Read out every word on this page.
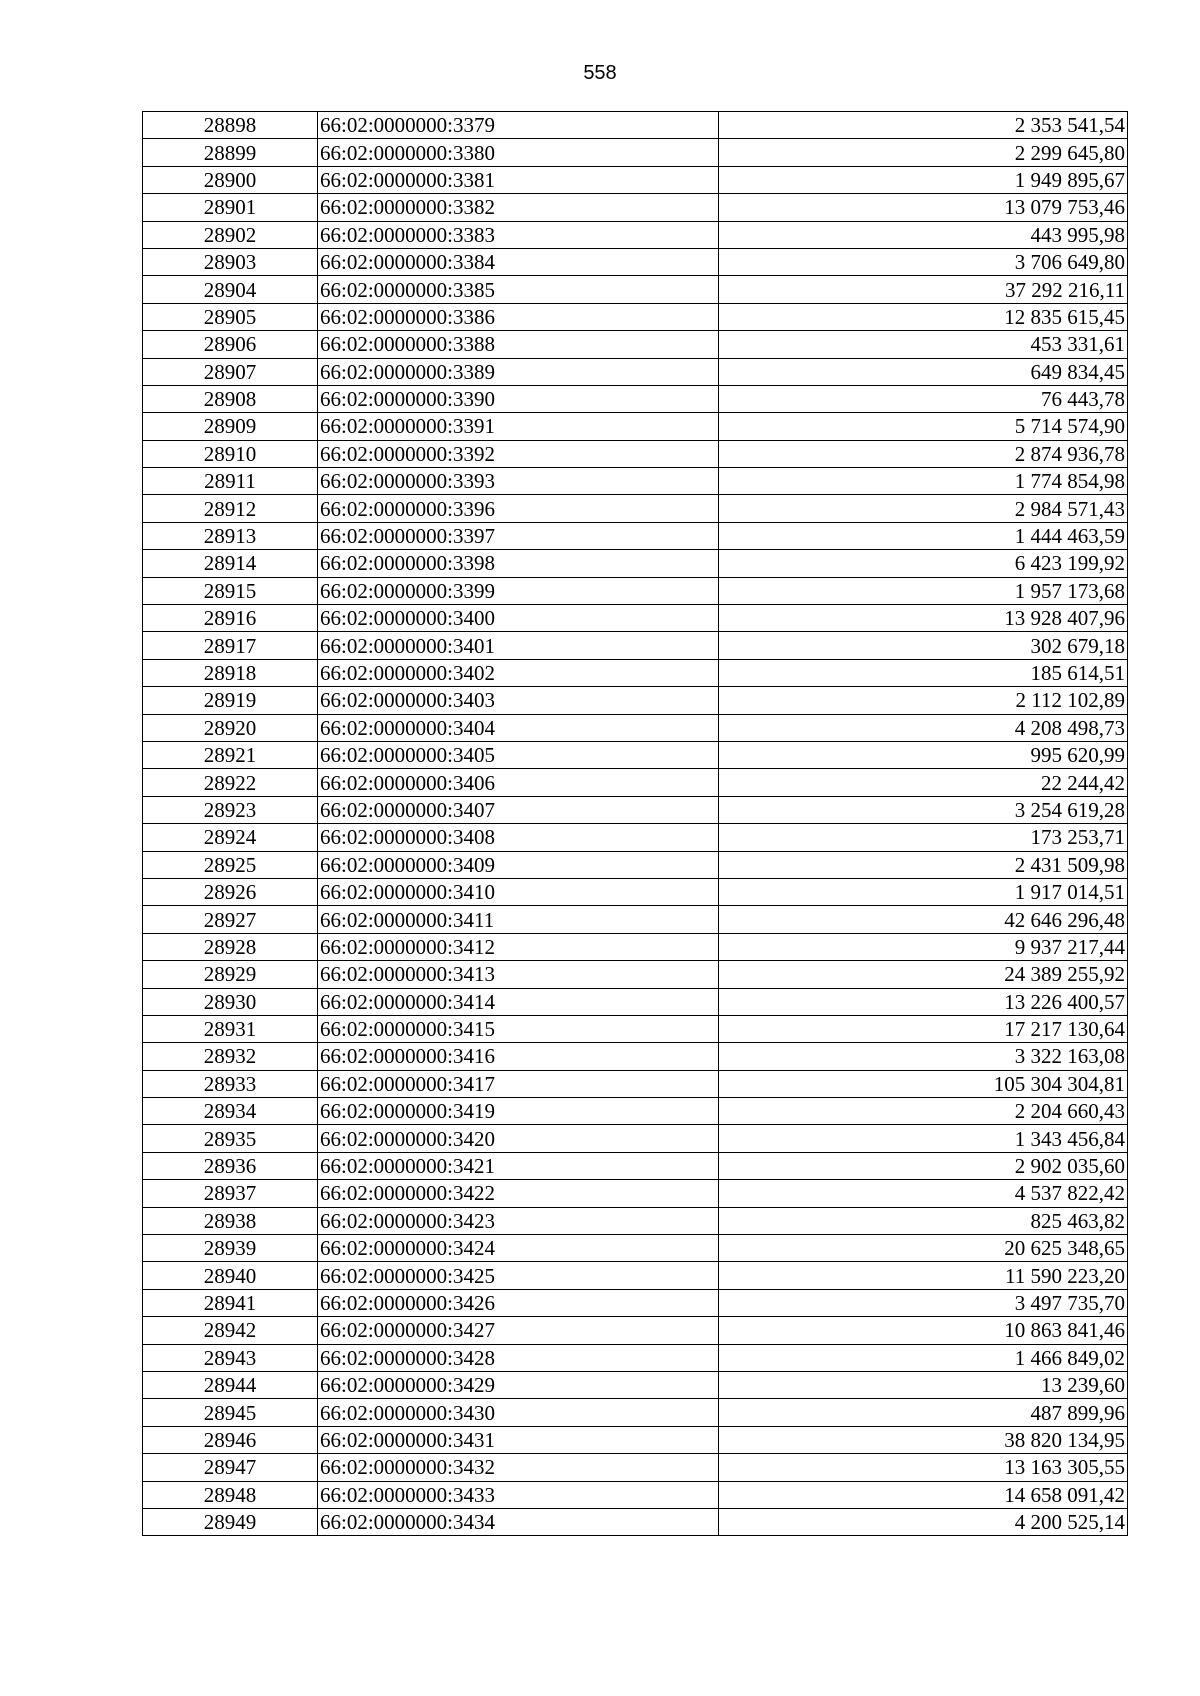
558
28898	66:02:0000000:3379	2 353 541,54
28899	66:02:0000000:3380	2 299 645,80
28900	66:02:0000000:3381	1 949 895,67
28901	66:02:0000000:3382	13 079 753,46
28902	66:02:0000000:3383	443 995,98
28903	66:02:0000000:3384	3 706 649,80
28904	66:02:0000000:3385	37 292 216,11
28905	66:02:0000000:3386	12 835 615,45
28906	66:02:0000000:3388	453 331,61
28907	66:02:0000000:3389	649 834,45
28908	66:02:0000000:3390	76 443,78
28909	66:02:0000000:3391	5 714 574,90
28910	66:02:0000000:3392	2 874 936,78
28911	66:02:0000000:3393	1 774 854,98
28912	66:02:0000000:3396	2 984 571,43
28913	66:02:0000000:3397	1 444 463,59
28914	66:02:0000000:3398	6 423 199,92
28915	66:02:0000000:3399	1 957 173,68
28916	66:02:0000000:3400	13 928 407,96
28917	66:02:0000000:3401	302 679,18
28918	66:02:0000000:3402	185 614,51
28919	66:02:0000000:3403	2 112 102,89
28920	66:02:0000000:3404	4 208 498,73
28921	66:02:0000000:3405	995 620,99
28922	66:02:0000000:3406	22 244,42
28923	66:02:0000000:3407	3 254 619,28
28924	66:02:0000000:3408	173 253,71
28925	66:02:0000000:3409	2 431 509,98
28926	66:02:0000000:3410	1 917 014,51
28927	66:02:0000000:3411	42 646 296,48
28928	66:02:0000000:3412	9 937 217,44
28929	66:02:0000000:3413	24 389 255,92
28930	66:02:0000000:3414	13 226 400,57
28931	66:02:0000000:3415	17 217 130,64
28932	66:02:0000000:3416	3 322 163,08
28933	66:02:0000000:3417	105 304 304,81
28934	66:02:0000000:3419	2 204 660,43
28935	66:02:0000000:3420	1 343 456,84
28936	66:02:0000000:3421	2 902 035,60
28937	66:02:0000000:3422	4 537 822,42
28938	66:02:0000000:3423	825 463,82
28939	66:02:0000000:3424	20 625 348,65
28940	66:02:0000000:3425	11 590 223,20
28941	66:02:0000000:3426	3 497 735,70
28942	66:02:0000000:3427	10 863 841,46
28943	66:02:0000000:3428	1 466 849,02
28944	66:02:0000000:3429	13 239,60
28945	66:02:0000000:3430	487 899,96
28946	66:02:0000000:3431	38 820 134,95
28947	66:02:0000000:3432	13 163 305,55
28948	66:02:0000000:3433	14 658 091,42
28949	66:02:0000000:3434	4 200 525,14
